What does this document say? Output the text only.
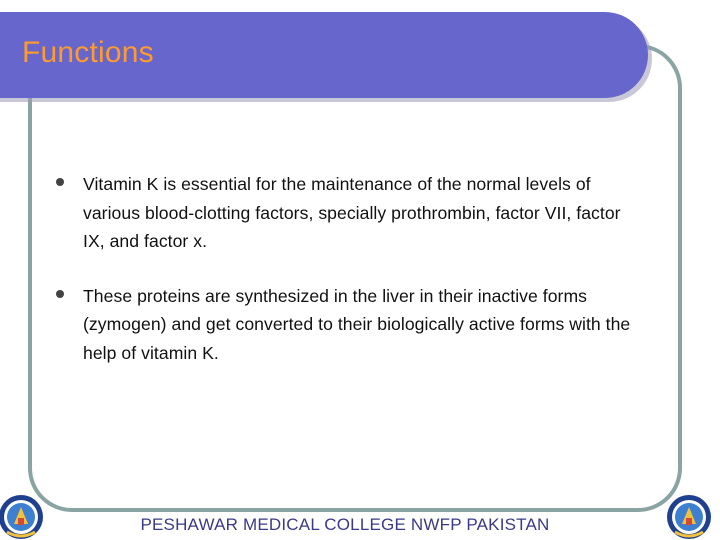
Functions
Vitamin K is essential for the maintenance of the normal levels of various blood-clotting factors, specially prothrombin, factor VII, factor IX, and factor x.
These proteins are synthesized in the liver in their inactive forms (zymogen) and get converted to their biologically active forms with the help of vitamin K.
PESHAWAR MEDICAL COLLEGE NWFP PAKISTAN
